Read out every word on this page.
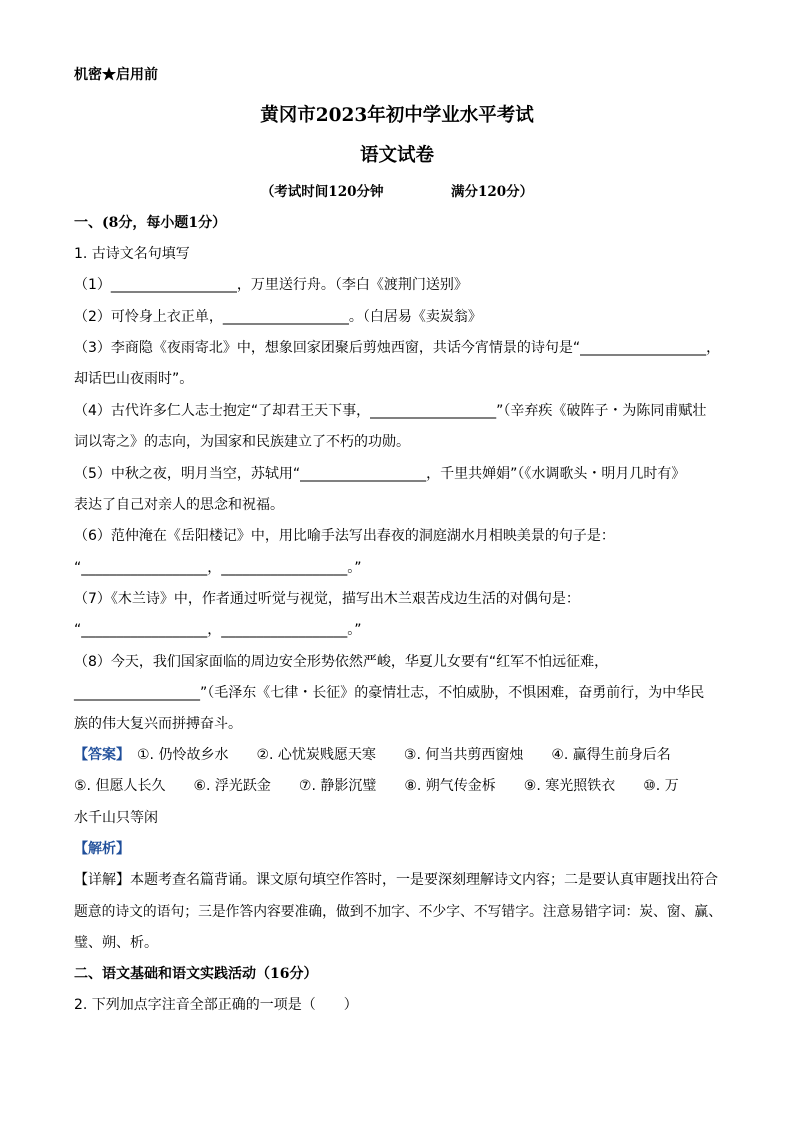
机密★启用前
黄冈市2023年初中学业水平考试
语文试卷
（考试时间120分钟　　　　　满分120分）
一、(8分，每小题1分）
1. 古诗文名句填写
（1）__________________，万里送行舟。（李白《渡荆门送别》
（2）可怜身上衣正单，__________________。（白居易《卖炭翁》
（3）李商隐《夜雨寄北》中，想象回家团聚后剪烛西窗，共话今宵情景的诗句是“__________________，
却话巴山夜雨时”。
（4）古代许多仁人志士抱定“了却君王天下事，__________________”（辛弃疾《破阵子・为陈同甫赋壮
词以寄之》的志向，为国家和民族建立了不朽的功勋。
（5）中秋之夜，明月当空，苏轼用“__________________，千里共婵娟”（《水调歌头・明月几时有》
表达了自己对亲人的思念和祝福。
（6）范仲淹在《岳阳楼记》中，用比喻手法写出春夜的洞庭湖水月相映美景的句子是：
“__________________，__________________。”
（7）《木兰诗》中，作者通过听觉与视觉，描写出木兰艰苦戍边生活的对偶句是：
“__________________，__________________。”
（8）今天，我们国家面临的周边安全形势依然严峻，华夏儿女要有“红军不怕远征难，
__________________”（毛泽东《七律・长征》的豪情壮志，不怕威胁，不惧困难，奋勇前行，为中华民
族的伟大复兴而拼搏奋斗。
【答案】　①. 仍怜故乡水　　②. 心忧炭贱愿天寒　　③. 何当共剪西窗烛　　④. 赢得生前身后名
⑤. 但愿人长久　　⑥. 浮光跃金　　⑦. 静影沉璧　　⑧. 朔气传金柝　　⑨. 寒光照铁衣　　⑩. 万
水千山只等闲
【解析】
【详解】本题考查名篇背诵。课文原句填空作答时，一是要深刻理解诗文内容；二是要认真审题找出符合
题意的诗文的语句；三是作答内容要准确，做到不加字、不少字、不写错字。注意易错字词：炭、窗、赢、
璧、朔、析。
二、语文基础和语文实践活动（16分）
2. 下列加点字注音全部正确的一项是（　　）
